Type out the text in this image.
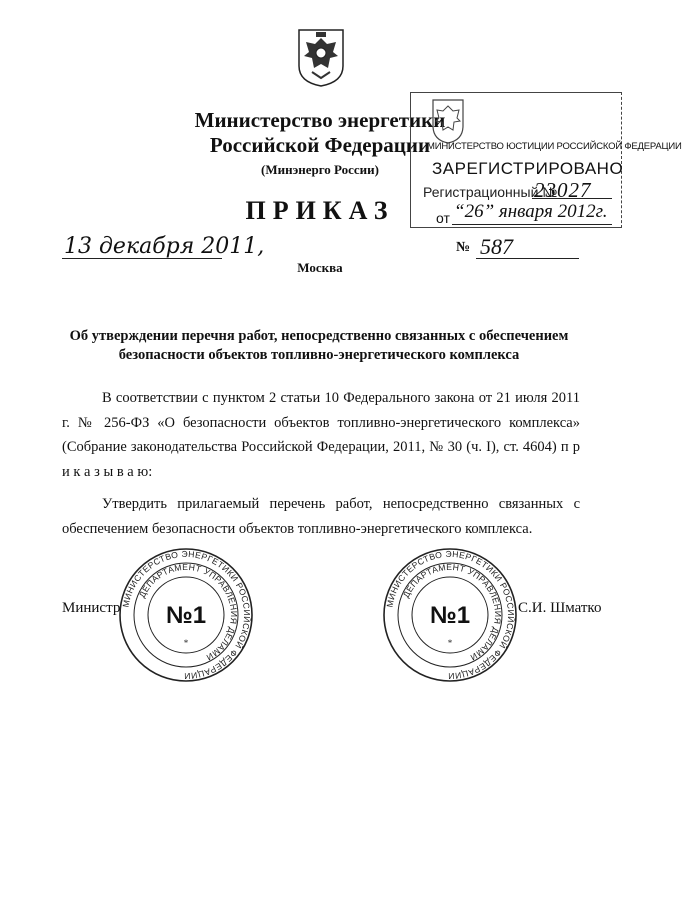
Министерство энергетики
Российской Федерации
(Минэнерго России)
ПРИКАЗ
МИНИСТЕРСТВО ЮСТИЦИИ РОССИЙСКОЙ ФЕДЕРАЦИИ
ЗАРЕГИСТРИРОВАНО
Регистрационный №
23027
от “26” января 2012г.
13 декабря 2011,	№ 587
Москва
Об утверждении перечня работ, непосредственно связанных с обеспечением безопасности объектов топливно-энергетического комплекса
В соответствии с пунктом 2 статьи 10 Федерального закона от 21 июля 2011 г. № 256-ФЗ «О безопасности объектов топливно-энергетического комплекса» (Собрание законодательства Российской Федерации, 2011, № 30 (ч. I), ст. 4604) п р и к а з ы в а ю:
Утвердить прилагаемый перечень работ, непосредственно связанных с обеспечением безопасности объектов топливно-энергетического комплекса.
Министр	С.И. Шматко
МИНИСТЕРСТВО ЭНЕРГЕТИКИ РОССИЙСКОЙ ФЕДЕРАЦИИ
ДЕПАРТАМЕНТ УПРАВЛЕНИЯ ДЕЛАМИ
№1
*
МИНИСТЕРСТВО ЭНЕРГЕТИКИ РОССИЙСКОЙ ФЕДЕРАЦИИ
ДЕПАРТАМЕНТ УПРАВЛЕНИЯ ДЕЛАМИ
№1
*
